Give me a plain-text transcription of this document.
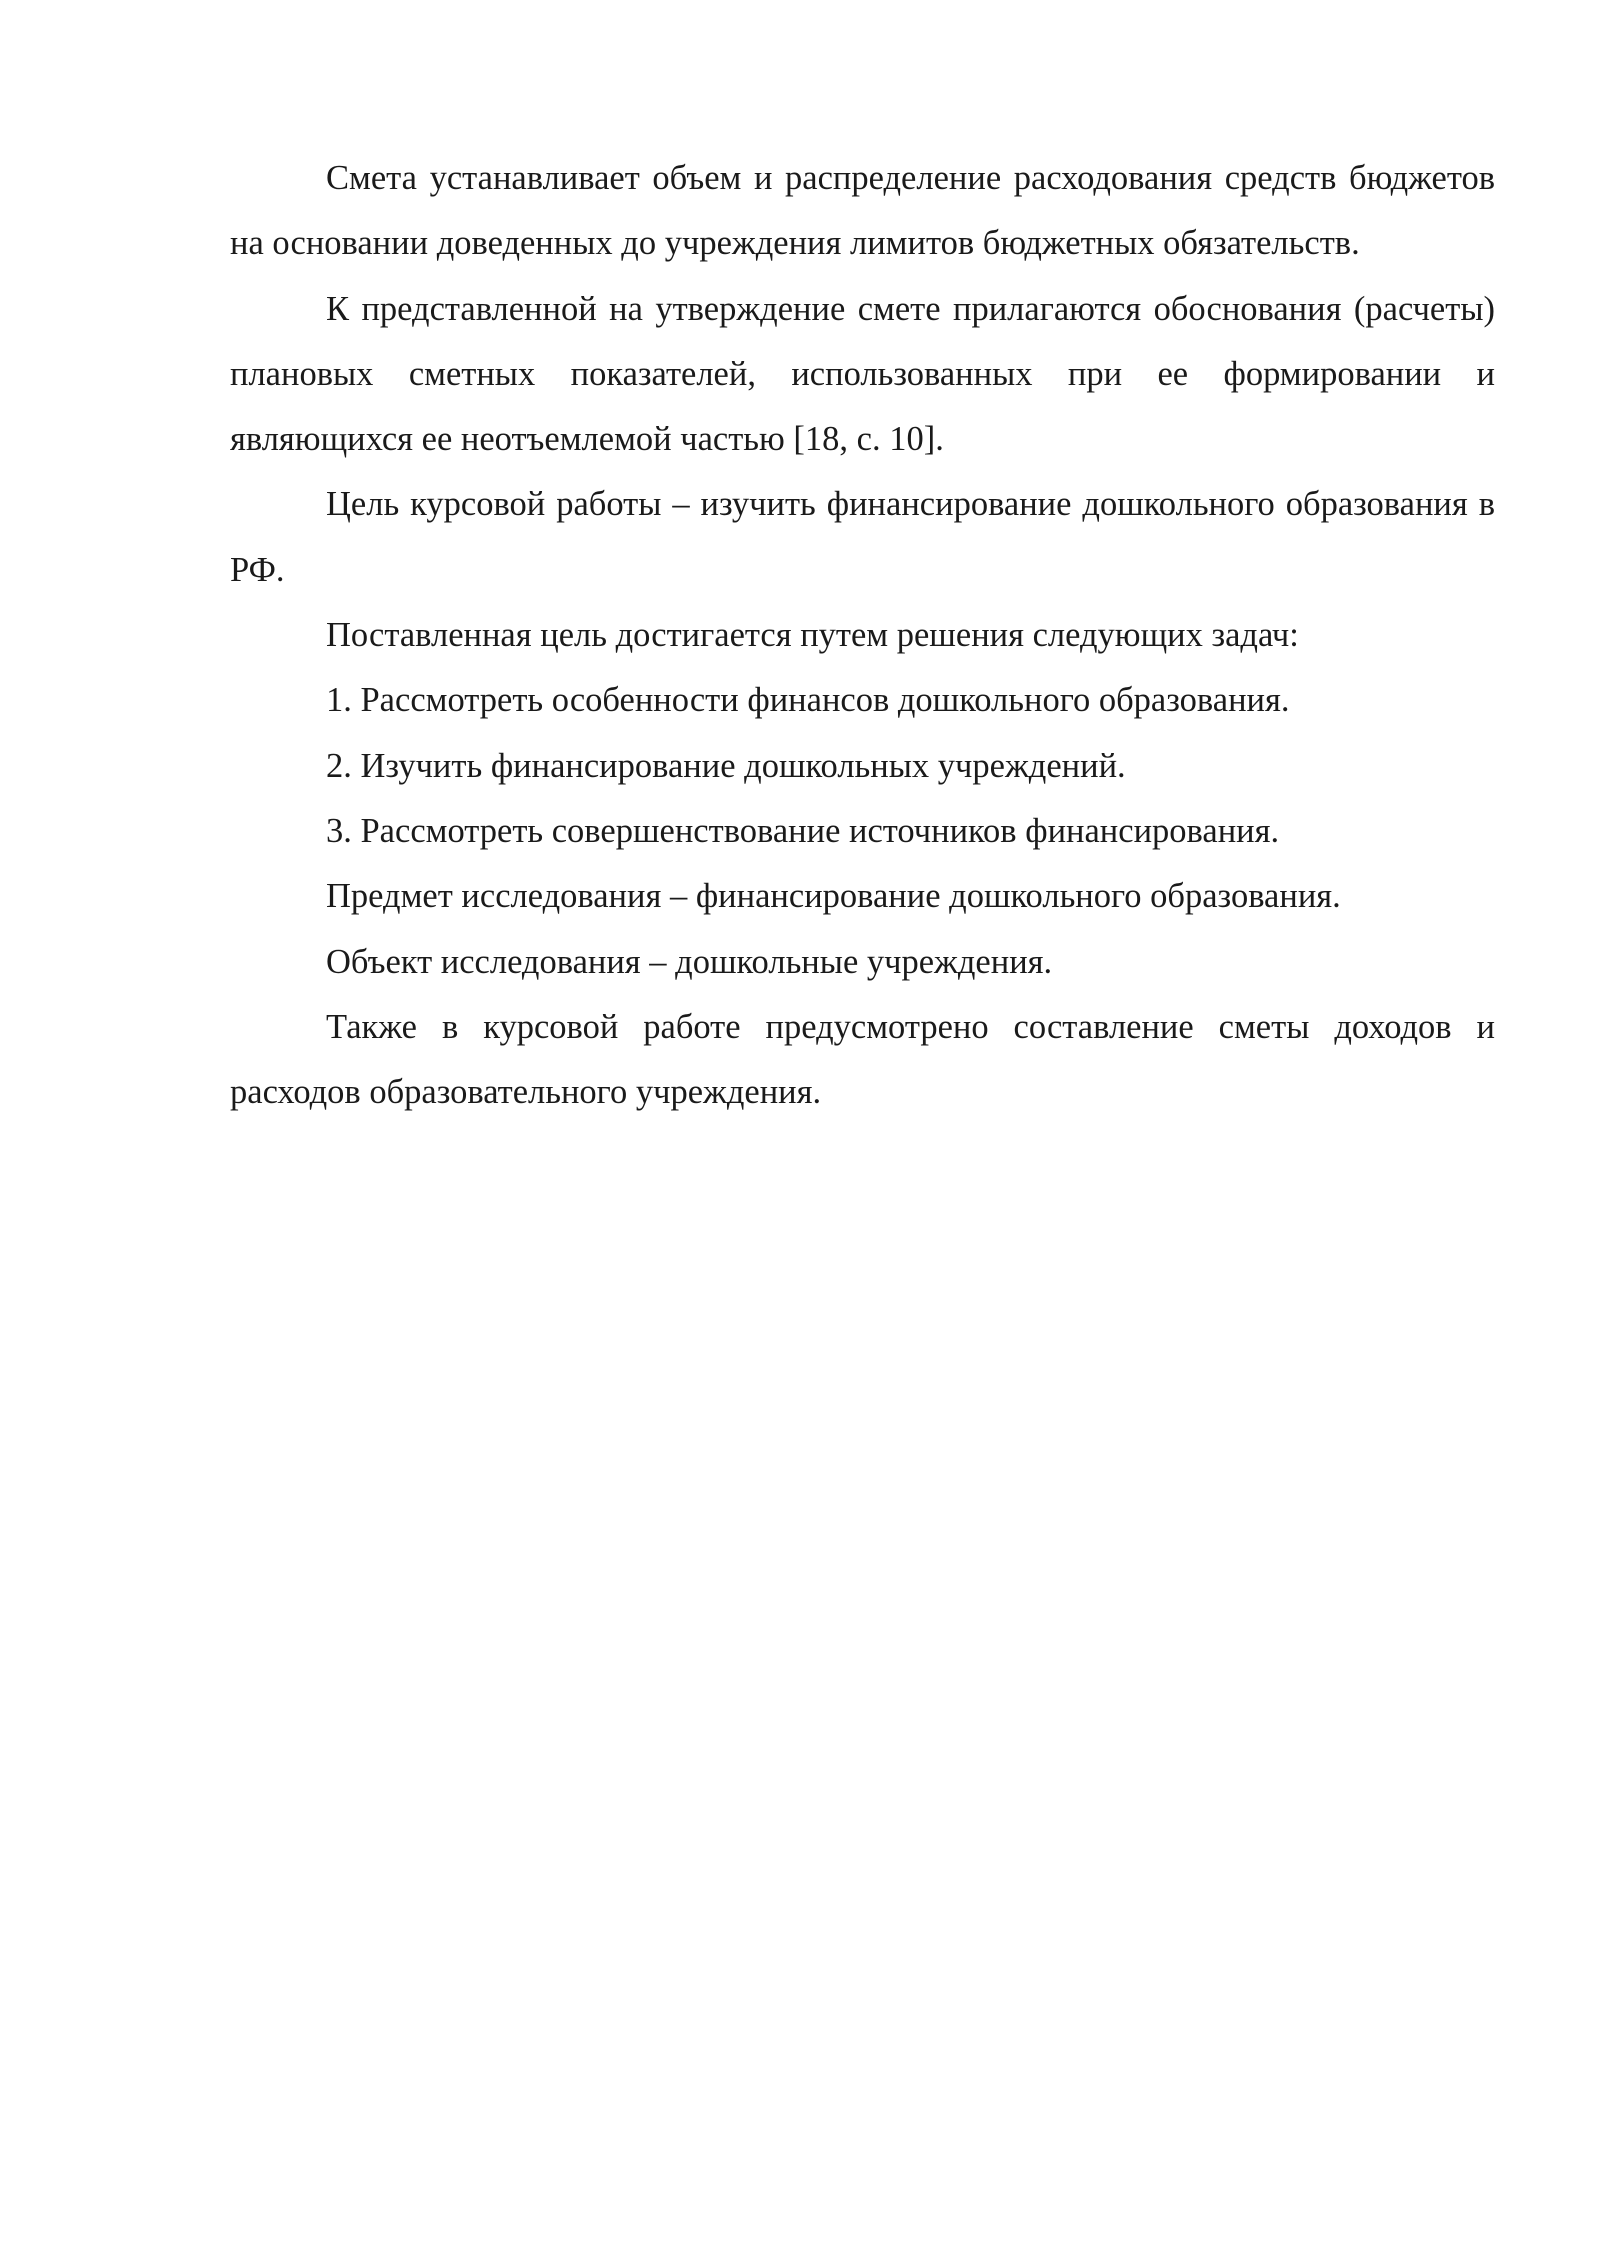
Смета устанавливает объем и распределение расходования средств бюджетов на основании доведенных до учреждения лимитов бюджетных обязательств.

К представленной на утверждение смете прилагаются обоснования (расчеты) плановых сметных показателей, использованных при ее формировании и являющихся ее неотъемлемой частью [18, с. 10].

Цель курсовой работы – изучить финансирование дошкольного образования в РФ.

Поставленная цель достигается путем решения следующих задач:

1. Рассмотреть особенности финансов дошкольного образования.

2. Изучить финансирование дошкольных учреждений.

3. Рассмотреть совершенствование источников финансирования.

Предмет исследования – финансирование дошкольного образования.

Объект исследования – дошкольные учреждения.

Также в курсовой работе предусмотрено составление сметы доходов и расходов образовательного учреждения.
